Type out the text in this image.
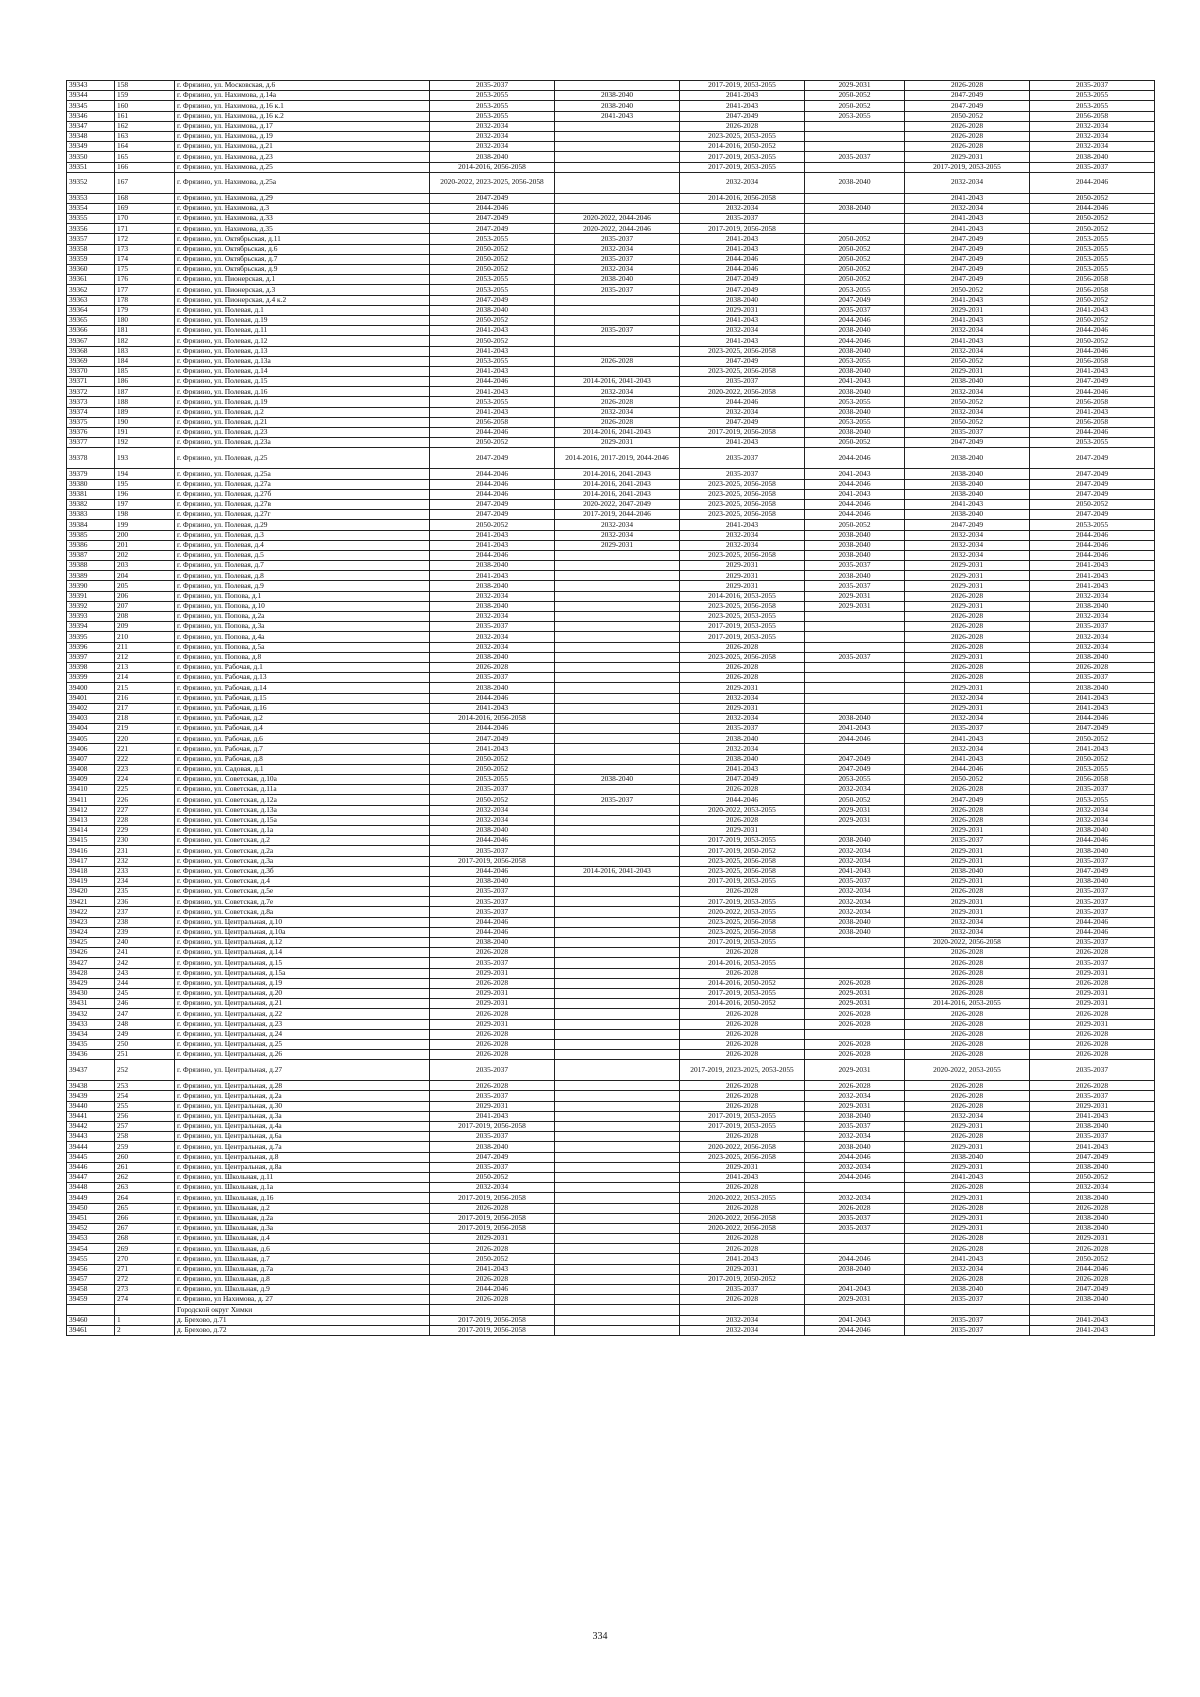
39343	158	г. Фрязино, ул. Московская, д.6	2035-2037		2017-2019, 2053-2055	2029-2031	2026-2028	2035-2037
39344	159	г. Фрязино, ул. Нахимова, д.14а	2053-2055	2038-2040	2041-2043	2050-2052	2047-2049	2053-2055
39345	160	г. Фрязино, ул. Нахимова, д.16 к.1	2053-2055	2038-2040	2041-2043	2050-2052	2047-2049	2053-2055
39346	161	г. Фрязино, ул. Нахимова, д.16 к.2	2053-2055	2041-2043	2047-2049	2053-2055	2050-2052	2056-2058
39347	162	г. Фрязино, ул. Нахимова, д.17	2032-2034		2026-2028		2026-2028	2032-2034
39348	163	г. Фрязино, ул. Нахимова, д.19	2032-2034		2023-2025, 2053-2055		2026-2028	2032-2034
39349	164	г. Фрязино, ул. Нахимова, д.21	2032-2034		2014-2016, 2050-2052		2026-2028	2032-2034
39350	165	г. Фрязино, ул. Нахимова, д.23	2038-2040		2017-2019, 2053-2055	2035-2037	2029-2031	2038-2040
39351	166	г. Фрязино, ул. Нахимова, д.25	2014-2016, 2056-2058		2017-2019, 2053-2055		2017-2019, 2053-2055	2035-2037
39352	167	г. Фрязино, ул. Нахимова, д.25а	2020-2022, 2023-2025, 2056-2058		2032-2034	2038-2040	2032-2034	2044-2046
39353	168	г. Фрязино, ул. Нахимова, д.29	2047-2049		2014-2016, 2056-2058		2041-2043	2050-2052
39354	169	г. Фрязино, ул. Нахимова, д.3	2044-2046		2032-2034	2038-2040	2032-2034	2044-2046
39355	170	г. Фрязино, ул. Нахимова, д.33	2047-2049	2020-2022, 2044-2046	2035-2037		2041-2043	2050-2052
39356	171	г. Фрязино, ул. Нахимова, д.35	2047-2049	2020-2022, 2044-2046	2017-2019, 2056-2058		2041-2043	2050-2052
39357	172	г. Фрязино, ул. Октябрьская, д.11	2053-2055	2035-2037	2041-2043	2050-2052	2047-2049	2053-2055
39358	173	г. Фрязино, ул. Октябрьская, д.6	2050-2052	2032-2034	2041-2043	2050-2052	2047-2049	2053-2055
39359	174	г. Фрязино, ул. Октябрьская, д.7	2050-2052	2035-2037	2044-2046	2050-2052	2047-2049	2053-2055
39360	175	г. Фрязино, ул. Октябрьская, д.9	2050-2052	2032-2034	2044-2046	2050-2052	2047-2049	2053-2055
39361	176	г. Фрязино, ул. Пионерская, д.1	2053-2055	2038-2040	2047-2049	2050-2052	2047-2049	2056-2058
39362	177	г. Фрязино, ул. Пионерская, д.3	2053-2055	2035-2037	2047-2049	2053-2055	2050-2052	2056-2058
39363	178	г. Фрязино, ул. Пионерская, д.4 к.2	2047-2049		2038-2040	2047-2049	2041-2043	2050-2052
39364	179	г. Фрязино, ул. Полевая, д.1	2038-2040		2029-2031	2035-2037	2029-2031	2041-2043
39365	180	г. Фрязино, ул. Полевая, д.19	2050-2052		2041-2043	2044-2046	2041-2043	2050-2052
39366	181	г. Фрязино, ул. Полевая, д.11	2041-2043	2035-2037	2032-2034	2038-2040	2032-2034	2044-2046
39367	182	г. Фрязино, ул. Полевая, д.12	2050-2052		2041-2043	2044-2046	2041-2043	2050-2052
39368	183	г. Фрязино, ул. Полевая, д.13	2041-2043		2023-2025, 2056-2058	2038-2040	2032-2034	2044-2046
39369	184	г. Фрязино, ул. Полевая, д.13а	2053-2055	2026-2028	2047-2049	2053-2055	2050-2052	2056-2058
39370	185	г. Фрязино, ул. Полевая, д.14	2041-2043		2023-2025, 2056-2058	2038-2040	2029-2031	2041-2043
39371	186	г. Фрязино, ул. Полевая, д.15	2044-2046	2014-2016, 2041-2043	2035-2037	2041-2043	2038-2040	2047-2049
39372	187	г. Фрязино, ул. Полевая, д.16	2041-2043	2032-2034	2020-2022, 2056-2058	2038-2040	2032-2034	2044-2046
39373	188	г. Фрязино, ул. Полевая, д.19	2053-2055	2026-2028	2044-2046	2053-2055	2050-2052	2056-2058
39374	189	г. Фрязино, ул. Полевая, д.2	2041-2043	2032-2034	2032-2034	2038-2040	2032-2034	2041-2043
39375	190	г. Фрязино, ул. Полевая, д.21	2056-2058	2026-2028	2047-2049	2053-2055	2050-2052	2056-2058
39376	191	г. Фрязино, ул. Полевая, д.23	2044-2046	2014-2016, 2041-2043	2017-2019, 2056-2058	2038-2040	2035-2037	2044-2046
39377	192	г. Фрязино, ул. Полевая, д.23а	2050-2052	2029-2031	2041-2043	2050-2052	2047-2049	2053-2055
39378	193	г. Фрязино, ул. Полевая, д.25	2047-2049	2014-2016, 2017-2019, 2044-2046	2035-2037	2044-2046	2038-2040	2047-2049
39379	194	г. Фрязино, ул. Полевая, д.25а	2044-2046	2014-2016, 2041-2043	2035-2037	2041-2043	2038-2040	2047-2049
39380	195	г. Фрязино, ул. Полевая, д.27а	2044-2046	2014-2016, 2041-2043	2023-2025, 2056-2058	2044-2046	2038-2040	2047-2049
39381	196	г. Фрязино, ул. Полевая, д.27б	2044-2046	2014-2016, 2041-2043	2023-2025, 2056-2058	2041-2043	2038-2040	2047-2049
39382	197	г. Фрязино, ул. Полевая, д.27в	2047-2049	2020-2022, 2047-2049	2023-2025, 2056-2058	2044-2046	2041-2043	2050-2052
39383	198	г. Фрязино, ул. Полевая, д.27г	2047-2049	2017-2019, 2044-2046	2023-2025, 2056-2058	2044-2046	2038-2040	2047-2049
39384	199	г. Фрязино, ул. Полевая, д.29	2050-2052	2032-2034	2041-2043	2050-2052	2047-2049	2053-2055
39385	200	г. Фрязино, ул. Полевая, д.3	2041-2043	2032-2034	2032-2034	2038-2040	2032-2034	2044-2046
39386	201	г. Фрязино, ул. Полевая, д.4	2041-2043	2029-2031	2032-2034	2038-2040	2032-2034	2044-2046
39387	202	г. Фрязино, ул. Полевая, д.5	2044-2046		2023-2025, 2056-2058	2038-2040	2032-2034	2044-2046
39388	203	г. Фрязино, ул. Полевая, д.7	2038-2040		2029-2031	2035-2037	2029-2031	2041-2043
39389	204	г. Фрязино, ул. Полевая, д.8	2041-2043		2029-2031	2038-2040	2029-2031	2041-2043
39390	205	г. Фрязино, ул. Полевая, д.9	2038-2040		2029-2031	2035-2037	2029-2031	2041-2043
39391	206	г. Фрязино, ул. Попова, д.1	2032-2034		2014-2016, 2053-2055	2029-2031	2026-2028	2032-2034
39392	207	г. Фрязино, ул. Попова, д.10	2038-2040		2023-2025, 2056-2058	2029-2031	2029-2031	2038-2040
39393	208	г. Фрязино, ул. Попова, д.2а	2032-2034		2023-2025, 2053-2055		2026-2028	2032-2034
39394	209	г. Фрязино, ул. Попова, д.3а	2035-2037		2017-2019, 2053-2055		2026-2028	2035-2037
39395	210	г. Фрязино, ул. Попова, д.4а	2032-2034		2017-2019, 2053-2055		2026-2028	2032-2034
39396	211	г. Фрязино, ул. Попова, д.5а	2032-2034		2026-2028		2026-2028	2032-2034
39397	212	г. Фрязино, ул. Попова, д.8	2038-2040		2023-2025, 2056-2058	2035-2037	2029-2031	2038-2040
39398	213	г. Фрязино, ул. Рабочая, д.1	2026-2028		2026-2028		2026-2028	2026-2028
39399	214	г. Фрязино, ул. Рабочая, д.13	2035-2037		2026-2028		2026-2028	2035-2037
39400	215	г. Фрязино, ул. Рабочая, д.14	2038-2040		2029-2031		2029-2031	2038-2040
39401	216	г. Фрязино, ул. Рабочая, д.15	2044-2046		2032-2034		2032-2034	2041-2043
39402	217	г. Фрязино, ул. Рабочая, д.16	2041-2043		2029-2031		2029-2031	2041-2043
39403	218	г. Фрязино, ул. Рабочая, д.2	2014-2016, 2056-2058		2032-2034	2038-2040	2032-2034	2044-2046
39404	219	г. Фрязино, ул. Рабочая, д.4	2044-2046		2035-2037	2041-2043	2035-2037	2047-2049
39405	220	г. Фрязино, ул. Рабочая, д.6	2047-2049		2038-2040	2044-2046	2041-2043	2050-2052
39406	221	г. Фрязино, ул. Рабочая, д.7	2041-2043		2032-2034		2032-2034	2041-2043
39407	222	г. Фрязино, ул. Рабочая, д.8	2050-2052		2038-2040	2047-2049	2041-2043	2050-2052
39408	223	г. Фрязино, ул. Садовая, д.1	2050-2052		2041-2043	2047-2049	2044-2046	2053-2055
39409	224	г. Фрязино, ул. Советская, д.10а	2053-2055	2038-2040	2047-2049	2053-2055	2050-2052	2056-2058
39410	225	г. Фрязино, ул. Советская, д.11а	2035-2037		2026-2028	2032-2034	2026-2028	2035-2037
39411	226	г. Фрязино, ул. Советская, д.12а	2050-2052	2035-2037	2044-2046	2050-2052	2047-2049	2053-2055
39412	227	г. Фрязино, ул. Советская, д.13а	2032-2034		2020-2022, 2053-2055	2029-2031	2026-2028	2032-2034
39413	228	г. Фрязино, ул. Советская, д.15а	2032-2034		2026-2028	2029-2031	2026-2028	2032-2034
39414	229	г. Фрязино, ул. Советская, д.1а	2038-2040		2029-2031		2029-2031	2038-2040
39415	230	г. Фрязино, ул. Советская, д.2	2044-2046		2017-2019, 2053-2055	2038-2040	2035-2037	2044-2046
39416	231	г. Фрязино, ул. Советская, д.2а	2035-2037		2017-2019, 2050-2052	2032-2034	2029-2031	2038-2040
39417	232	г. Фрязино, ул. Советская, д.3а	2017-2019, 2056-2058		2023-2025, 2056-2058	2032-2034	2029-2031	2035-2037
39418	233	г. Фрязино, ул. Советская, д.3б	2044-2046	2014-2016, 2041-2043	2023-2025, 2056-2058	2041-2043	2038-2040	2047-2049
39419	234	г. Фрязино, ул. Советская, д.4	2038-2040		2017-2019, 2053-2055	2035-2037	2029-2031	2038-2040
39420	235	г. Фрязино, ул. Советская, д.5е	2035-2037		2026-2028	2032-2034	2026-2028	2035-2037
39421	236	г. Фрязино, ул. Советская, д.7е	2035-2037		2017-2019, 2053-2055	2032-2034	2029-2031	2035-2037
39422	237	г. Фрязино, ул. Советская, д.8а	2035-2037		2020-2022, 2053-2055	2032-2034	2029-2031	2035-2037
39423	238	г. Фрязино, ул. Центральная, д.10	2044-2046		2023-2025, 2056-2058	2038-2040	2032-2034	2044-2046
39424	239	г. Фрязино, ул. Центральная, д.10а	2044-2046		2023-2025, 2056-2058	2038-2040	2032-2034	2044-2046
39425	240	г. Фрязино, ул. Центральная, д.12	2038-2040		2017-2019, 2053-2055		2020-2022, 2056-2058	2035-2037
39426	241	г. Фрязино, ул. Центральная, д.14	2026-2028		2026-2028		2026-2028	2026-2028
39427	242	г. Фрязино, ул. Центральная, д.15	2035-2037		2014-2016, 2053-2055		2026-2028	2035-2037
39428	243	г. Фрязино, ул. Центральная, д.15а	2029-2031		2026-2028		2026-2028	2029-2031
39429	244	г. Фрязино, ул. Центральная, д.19	2026-2028		2014-2016, 2050-2052	2026-2028	2026-2028	2026-2028
39430	245	г. Фрязино, ул. Центральная, д.20	2029-2031		2017-2019, 2053-2055	2029-2031	2026-2028	2029-2031
39431	246	г. Фрязино, ул. Центральная, д.21	2029-2031		2014-2016, 2050-2052	2029-2031	2014-2016, 2053-2055	2029-2031
39432	247	г. Фрязино, ул. Центральная, д.22	2026-2028		2026-2028	2026-2028	2026-2028	2026-2028
39433	248	г. Фрязино, ул. Центральная, д.23	2029-2031		2026-2028	2026-2028	2026-2028	2029-2031
39434	249	г. Фрязино, ул. Центральная, д.24	2026-2028		2026-2028		2026-2028	2026-2028
39435	250	г. Фрязино, ул. Центральная, д.25	2026-2028		2026-2028	2026-2028	2026-2028	2026-2028
39436	251	г. Фрязино, ул. Центральная, д.26	2026-2028		2026-2028	2026-2028	2026-2028	2026-2028
39437	252	г. Фрязино, ул. Центральная, д.27	2035-2037		2017-2019, 2023-2025, 2053-2055	2029-2031	2020-2022, 2053-2055	2035-2037
39438	253	г. Фрязино, ул. Центральная, д.28	2026-2028		2026-2028	2026-2028	2026-2028	2026-2028
39439	254	г. Фрязино, ул. Центральная, д.2а	2035-2037		2026-2028	2032-2034	2026-2028	2035-2037
39440	255	г. Фрязино, ул. Центральная, д.30	2029-2031		2026-2028	2029-2031	2026-2028	2029-2031
39441	256	г. Фрязино, ул. Центральная, д.3а	2041-2043		2017-2019, 2053-2055	2038-2040	2032-2034	2041-2043
39442	257	г. Фрязино, ул. Центральная, д.4а	2017-2019, 2056-2058		2017-2019, 2053-2055	2035-2037	2029-2031	2038-2040
39443	258	г. Фрязино, ул. Центральная, д.6а	2035-2037		2026-2028	2032-2034	2026-2028	2035-2037
39444	259	г. Фрязино, ул. Центральная, д.7а	2038-2040		2020-2022, 2056-2058	2038-2040	2029-2031	2041-2043
39445	260	г. Фрязино, ул. Центральная, д.8	2047-2049		2023-2025, 2056-2058	2044-2046	2038-2040	2047-2049
39446	261	г. Фрязино, ул. Центральная, д.8а	2035-2037		2029-2031	2032-2034	2029-2031	2038-2040
39447	262	г. Фрязино, ул. Школьная, д.11	2050-2052		2041-2043	2044-2046	2041-2043	2050-2052
39448	263	г. Фрязино, ул. Школьная, д.1а	2032-2034		2026-2028		2026-2028	2032-2034
39449	264	г. Фрязино, ул. Школьная, д.16	2017-2019, 2056-2058		2020-2022, 2053-2055	2032-2034	2029-2031	2038-2040
39450	265	г. Фрязино, ул. Школьная, д.2	2026-2028		2026-2028	2026-2028	2026-2028	2026-2028
39451	266	г. Фрязино, ул. Школьная, д.2а	2017-2019, 2056-2058		2020-2022, 2056-2058	2035-2037	2029-2031	2038-2040
39452	267	г. Фрязино, ул. Школьная, д.3а	2017-2019, 2056-2058		2020-2022, 2056-2058	2035-2037	2029-2031	2038-2040
39453	268	г. Фрязино, ул. Школьная, д.4	2029-2031		2026-2028		2026-2028	2029-2031
39454	269	г. Фрязино, ул. Школьная, д.6	2026-2028		2026-2028		2026-2028	2026-2028
39455	270	г. Фрязино, ул. Школьная, д.7	2050-2052		2041-2043	2044-2046	2041-2043	2050-2052
39456	271	г. Фрязино, ул. Школьная, д.7а	2041-2043		2029-2031	2038-2040	2032-2034	2044-2046
39457	272	г. Фрязино, ул. Школьная, д.8	2026-2028		2017-2019, 2050-2052		2026-2028	2026-2028
39458	273	г. Фрязино, ул. Школьная, д.9	2044-2046		2035-2037	2041-2043	2038-2040	2047-2049
39459	274	г. Фрязино, ул Нахимова, д. 27	2026-2028		2026-2028	2029-2031	2035-2037	2038-2040
		Городской округ Химки						
39460	1	д. Брехово, д.71	2017-2019, 2056-2058		2032-2034	2041-2043	2035-2037	2041-2043
39461	2	д. Брехово, д.72	2017-2019, 2056-2058		2032-2034	2044-2046	2035-2037	2041-2043
334
